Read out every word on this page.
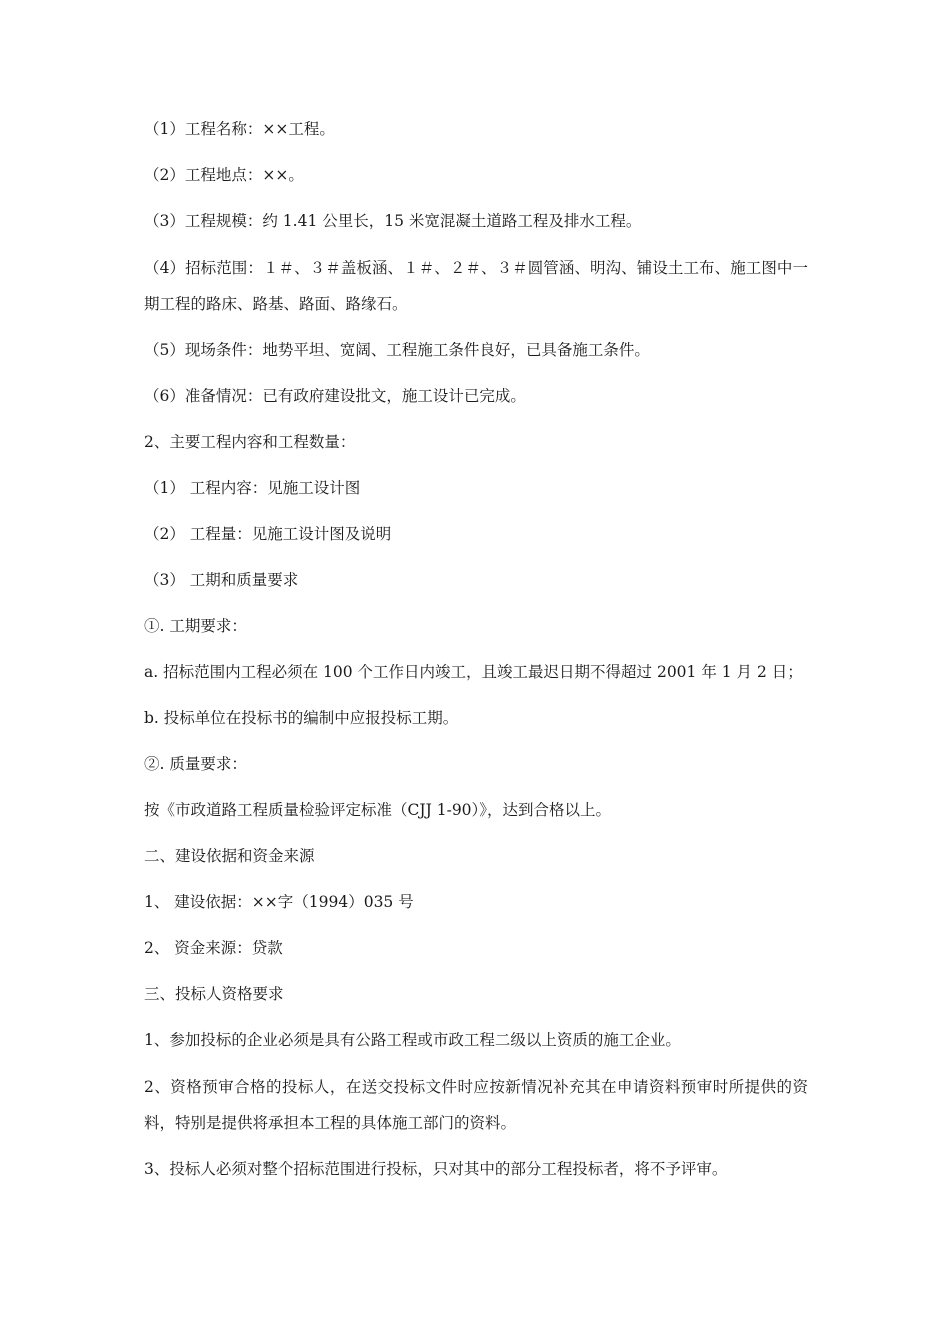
（1）工程名称：××工程。

（2）工程地点：××。

（3）工程规模：约 1.41 公里长，15 米宽混凝土道路工程及排水工程。

（4）招标范围：１＃、３＃盖板涵、１＃、２＃、３＃圆管涵、明沟、铺设土工布、施工图中一期工程的路床、路基、路面、路缘石。

（5）现场条件：地势平坦、宽阔、工程施工条件良好，已具备施工条件。

（6）准备情况：已有政府建设批文，施工设计已完成。

2、主要工程内容和工程数量：

（1） 工程内容：见施工设计图

（2） 工程量：见施工设计图及说明

（3） 工期和质量要求

①. 工期要求：

a. 招标范围内工程必须在 100 个工作日内竣工，且竣工最迟日期不得超过 2001 年 1 月 2 日；

b. 投标单位在投标书的编制中应报投标工期。

②. 质量要求：

按《市政道路工程质量检验评定标准（CJJ 1-90）》，达到合格以上。

二、建设依据和资金来源

1、 建设依据：××字（1994）035 号

2、 资金来源：贷款

三、投标人资格要求

1、参加投标的企业必须是具有公路工程或市政工程二级以上资质的施工企业。

2、资格预审合格的投标人，在送交投标文件时应按新情况补充其在申请资料预审时所提供的资料，特别是提供将承担本工程的具体施工部门的资料。

3、投标人必须对整个招标范围进行投标，只对其中的部分工程投标者，将不予评审。
